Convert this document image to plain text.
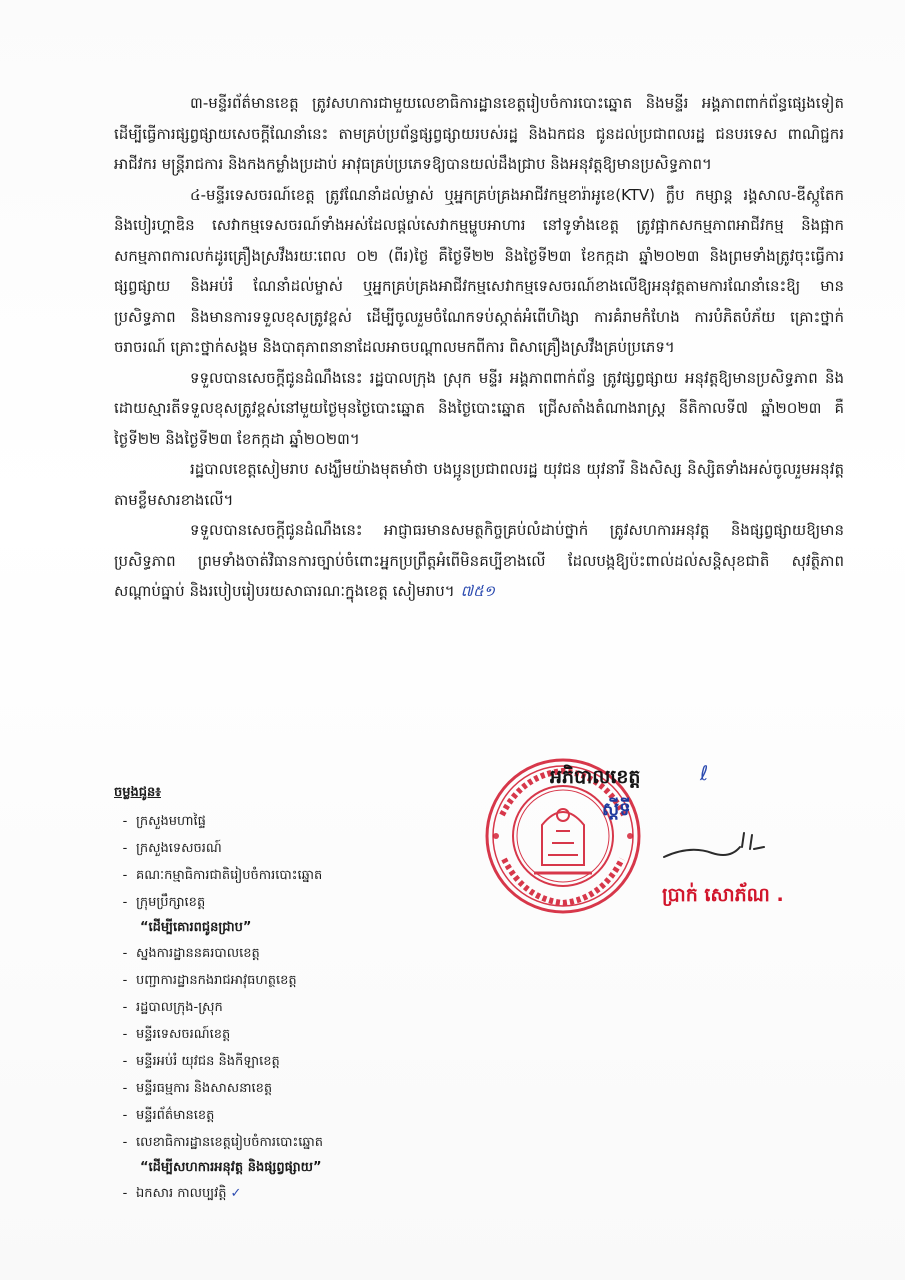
៣-មន្ទីរព័ត៌មានខេត្ត ត្រូវសហការជាមួយលេខាធិការដ្ឋានខេត្តរៀបចំការបោះឆ្នោត និងមន្ទីរ អង្គភាពពាក់ព័ន្ធផ្សេងទៀត ដើម្បីធ្វើការផ្សព្វផ្សាយសេចក្តីណែនាំនេះ តាមគ្រប់ប្រព័ន្ធផ្សព្វផ្សាយរបស់រដ្ឋ និងឯកជន ជូនដល់ប្រជាពលរដ្ឋ ជនបរទេស ពាណិជ្ជករ អាជីវករ មន្ត្រីរាជការ និងកងកម្លាំងប្រដាប់ អាវុធគ្រប់ប្រភេទឱ្យបានយល់ដឹងជ្រាប និងអនុវត្តឱ្យមានប្រសិទ្ធភាព។

៤-មន្ទីរទេសចរណ៍ខេត្ត ត្រូវណែនាំដល់ម្ចាស់ ឬអ្នកគ្រប់គ្រងអាជីវកម្មខារ៉ាអូខេ(KTV) ក្លឹប កម្សាន្ត រង្គសាល-ឌីស្កូតែក និងបៀរហ្គាឌិន សេវាកម្មទេសចរណ៍ទាំងអស់ដែលផ្តល់សេវាកម្មម្ហូបអាហារ នៅទូទាំងខេត្ត ត្រូវផ្អាកសកម្មភាពអាជីវកម្ម និងផ្អាកសកម្មភាពការលក់ដូរគ្រឿងស្រវឹងរយៈពេល ០២ (ពីរ)ថ្ងៃ គឺថ្ងៃទី២២ និងថ្ងៃទី២៣ ខែកក្កដា ឆ្នាំ២០២៣ និងព្រមទាំងត្រូវចុះធ្វើការផ្សព្វផ្សាយ និងអប់រំ ណែនាំដល់ម្ចាស់ ឬអ្នកគ្រប់គ្រងអាជីវកម្មសេវាកម្មទេសចរណ៍ខាងលើឱ្យអនុវត្តតាមការណែនាំនេះឱ្យ មានប្រសិទ្ធភាព និងមានការទទួលខុសត្រូវខ្ពស់ ដើម្បីចូលរួមចំណែកទប់ស្កាត់អំពើហិង្សា ការគំរាមកំហែង ការបំភិតបំភ័យ គ្រោះថ្នាក់ចរាចរណ៍ គ្រោះថ្នាក់សង្គម និងបាតុភាពនានាដែលអាចបណ្តាលមកពីការ ពិសាគ្រឿងស្រវឹងគ្រប់ប្រភេទ។

ទទួលបានសេចក្តីជូនដំណឹងនេះ រដ្ឋបាលក្រុង ស្រុក មន្ទីរ អង្គភាពពាក់ព័ន្ធ ត្រូវផ្សព្វផ្សាយ អនុវត្តឱ្យមានប្រសិទ្ធភាព និងដោយស្មារតីទទួលខុសត្រូវខ្ពស់នៅមួយថ្ងៃមុនថ្ងៃបោះឆ្នោត និងថ្ងៃបោះឆ្នោត ជ្រើសតាំងតំណាងរាស្ត្រ នីតិកាលទី៧ ឆ្នាំ២០២៣ គឺថ្ងៃទី២២ និងថ្ងៃទី២៣ ខែកក្កដា ឆ្នាំ២០២៣។

រដ្ឋបាលខេត្តសៀមរាប សង្ឃឹមយ៉ាងមុតមាំថា បងប្អូនប្រជាពលរដ្ឋ យុវជន យុវនារី និងសិស្ស និស្សិតទាំងអស់ចូលរួមអនុវត្តតាមខ្លឹមសារខាងលើ។

ទទួលបានសេចក្តីជូនដំណឹងនេះ អាជ្ញាធរមានសមត្ថកិច្ចគ្រប់លំដាប់ថ្នាក់ ត្រូវសហការអនុវត្ត និងផ្សព្វផ្សាយឱ្យមានប្រសិទ្ធភាព ព្រមទាំងចាត់វិធានការច្បាប់ចំពោះអ្នកប្រព្រឹត្តអំពើមិនគប្បីខាងលើ ដែលបង្កឱ្យប៉ះពាល់ដល់សន្តិសុខជាតិ សុវត្ថិភាព សណ្តាប់ធ្នាប់ និងរបៀបរៀបរយសាធារណៈក្នុងខេត្ត សៀមរាប។ ៧៥១

ចម្លងជូន៖

- ក្រសួងមហាផ្ទៃ
- ក្រសួងទេសចរណ៍
- គណៈកម្មាធិការជាតិរៀបចំការបោះឆ្នោត
- ក្រុមប្រឹក្សាខេត្ត
“ដើម្បីគោរពជូនជ្រាប”
- ស្នងការដ្ឋាននគរបាលខេត្ត
- បញ្ជាការដ្ឋានកងរាជអាវុធហត្ថខេត្ត
- រដ្ឋបាលក្រុង-ស្រុក
- មន្ទីរទេសចរណ៍ខេត្ត
- មន្ទីរអប់រំ យុវជន និងកីឡាខេត្ត
- មន្ទីរធម្មការ និងសាសនាខេត្ត
- មន្ទីរព័ត៌មានខេត្ត
- លេខាធិការដ្ឋានខេត្តរៀបចំការបោះឆ្នោត
“ដើម្បីសហការអនុវត្ត និងផ្សព្វផ្សាយ”
- ឯកសារ កាលប្បវត្តិ ✓
អភិបាលខេត្ត	ℓ
ស្តីទី
ប្រាក់ សោភ័ណ .
